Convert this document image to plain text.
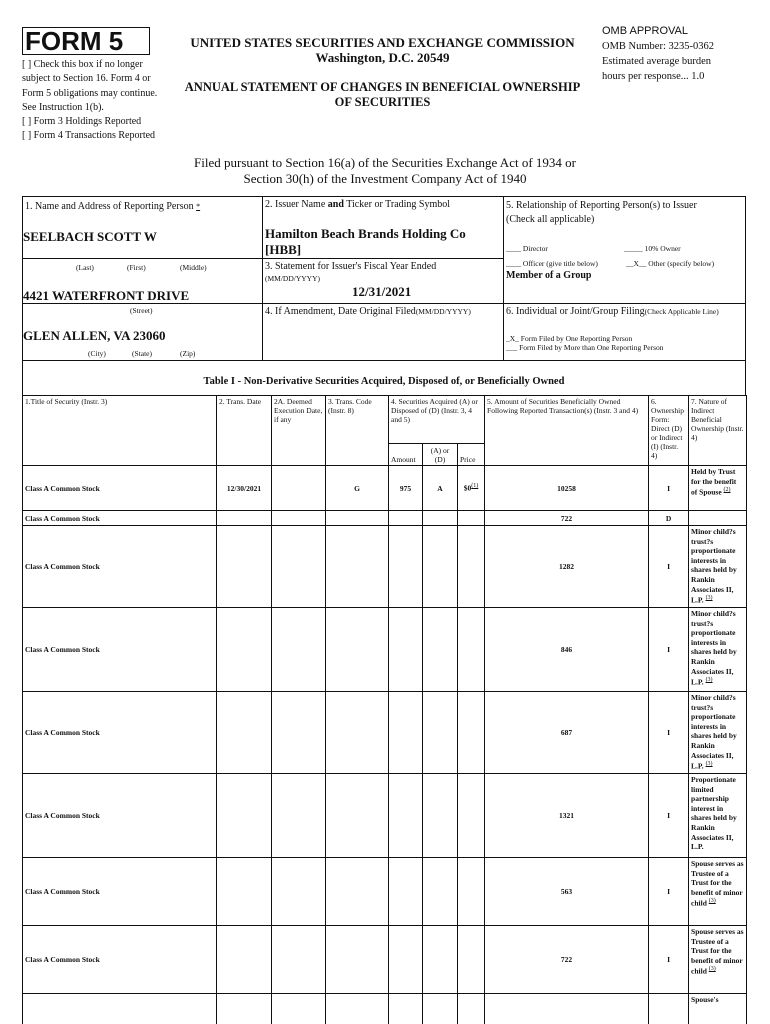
FORM 5
[ ] Check this box if no longer subject to Section 16. Form 4 or Form 5 obligations may continue. See Instruction 1(b).
[ ] Form 3 Holdings Reported
[ ] Form 4 Transactions Reported
UNITED STATES SECURITIES AND EXCHANGE COMMISSION
Washington, D.C. 20549
OMB APPROVAL
OMB Number: 3235-0362
Estimated average burden
hours per response... 1.0
ANNUAL STATEMENT OF CHANGES IN BENEFICIAL OWNERSHIP
OF SECURITIES
Filed pursuant to Section 16(a) of the Securities Exchange Act of 1934 or
Section 30(h) of the Investment Company Act of 1940
1. Name and Address of Reporting Person *
SEELBACH SCOTT W
(Last)	(First)	(Middle)
4421 WATERFRONT DRIVE
(Street)
GLEN ALLEN, VA 23060
(City)	(State)	(Zip)
2. Issuer Name and Ticker or Trading Symbol
Hamilton Beach Brands Holding Co
[HBB]
3. Statement for Issuer's Fiscal Year Ended
(MM/DD/YYYY)
12/31/2021
4. If Amendment, Date Original Filed(MM/DD/YYYY)
5. Relationship of Reporting Person(s) to Issuer
(Check all applicable)
____ Director	_____ 10% Owner
____ Officer (give title below)	__X__ Other (specify below)
Member of a Group
6. Individual or Joint/Group Filing(Check Applicable Line)
_X_ Form Filed by One Reporting Person
___ Form Filed by More than One Reporting Person
Table I - Non-Derivative Securities Acquired, Disposed of, or Beneficially Owned
1.Title of Security (Instr. 3)	2. Trans. Date	2A. Deemed Execution Date, if any	3. Trans. Code (Instr. 8)	4. Securities Acquired (A) or Disposed of (D) (Instr. 3, 4 and 5)			5. Amount of Securities Beneficially Owned Following Reported Transaction(s) (Instr. 3 and 4)	6. Ownership Form: Direct (D) or Indirect (I) (Instr. 4)	7. Nature of Indirect Beneficial Ownership (Instr. 4)
				Amount	(A) or (D)	Price			
Class A Common Stock	12/30/2021		G	975	A	$0$^{(1)}$	10258	I	Held by Trust for the benefit of Spouse $^{(2)}$
Class A Common Stock							722	D	
Class A Common Stock							1282	I	Minor child?s trust?s proportionate interests in shares held by Rankin Associates II, L.P. $^{(3)}$
Class A Common Stock							846	I	Minor child?s trust?s proportionate interests in shares held by Rankin Associates II, L.P. $^{(3)}$
Class A Common Stock							687	I	Minor child?s trust?s proportionate interests in shares held by Rankin Associates II, L.P. $^{(3)}$
Class A Common Stock							1321	I	Proportionate limited partnership interest in shares held by Rankin Associates II, L.P.
Class A Common Stock							563	I	Spouse serves as Trustee of a Trust for the benefit of minor child $^{(3)}$
Class A Common Stock							722	I	Spouse serves as Trustee of a Trust for the benefit of minor child $^{(3)}$
									Spouse's
